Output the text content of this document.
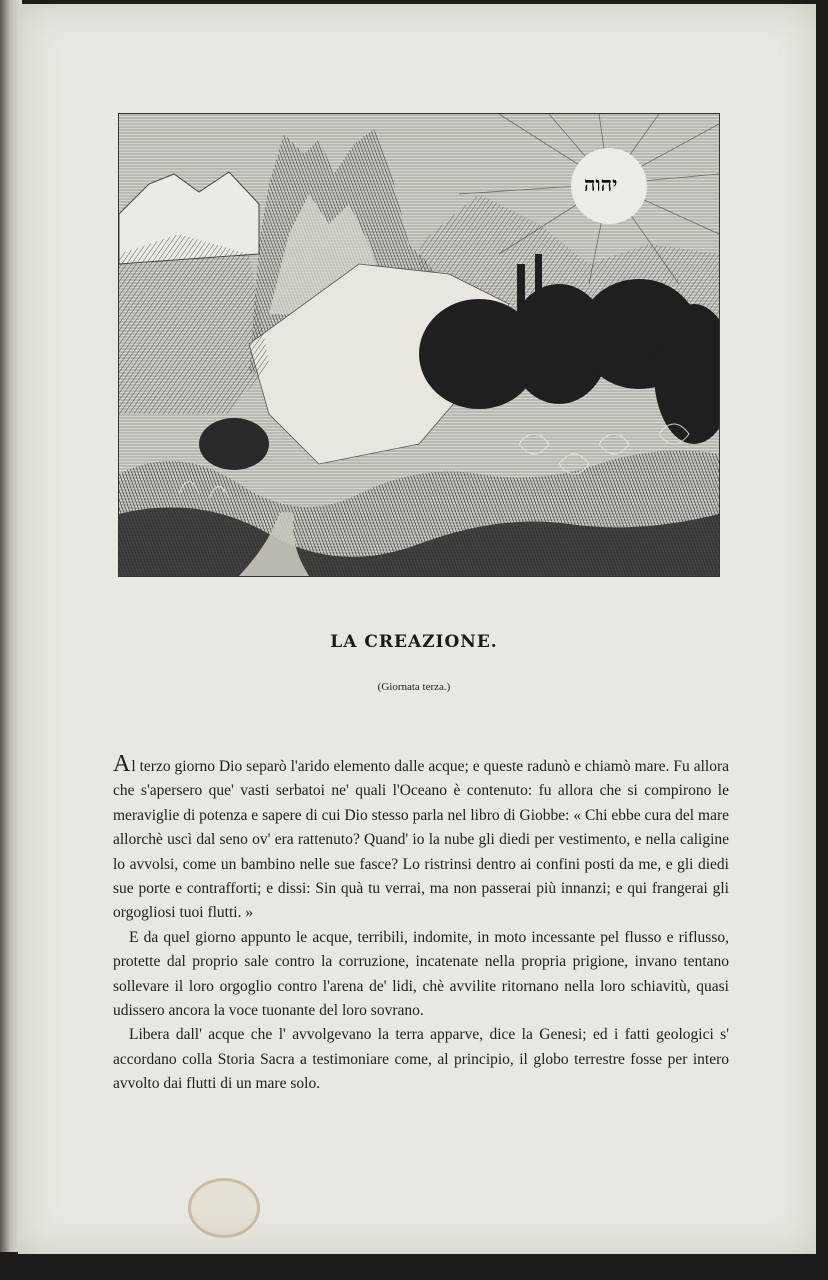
יהוה
LA CREAZIONE.
(Giornata terza.)

Al terzo giorno Dio separò l'arido elemento dalle acque; e queste radunò e chiamò mare. Fu allora che s'apersero que' vasti serbatoi ne' quali l'Oceano è contenuto: fu allora che si compirono le meraviglie di potenza e sapere di cui Dio stesso parla nel libro di Giobbe: « Chi ebbe cura del mare allorchè uscì dal seno ov' era rattenuto? Quand' io la nube gli diedi per vestimento, e nella caligine lo avvolsi, come un bambino nelle sue fasce? Lo ristrinsi dentro ai confini posti da me, e gli diedi sue porte e contrafforti; e dissi: Sin quà tu verrai, ma non passerai più innanzi; e qui frangerai gli orgogliosi tuoi flutti. »

E da quel giorno appunto le acque, terribili, indomite, in moto incessante pel flusso e riflusso, protette dal proprio sale contro la corruzione, incatenate nella propria prigione, invano tentano sollevare il loro orgoglio contro l'arena de' lidi, chè avvilite ritornano nella loro schiavitù, quasi udissero ancora la voce tuonante del loro sovrano.

Libera dall' acque che l' avvolgevano la terra apparve, dice la Genesi; ed i fatti geologici s' accordano colla Storia Sacra a testimoniare come, al principio, il globo terrestre fosse per intero avvolto dai flutti di un mare solo.
